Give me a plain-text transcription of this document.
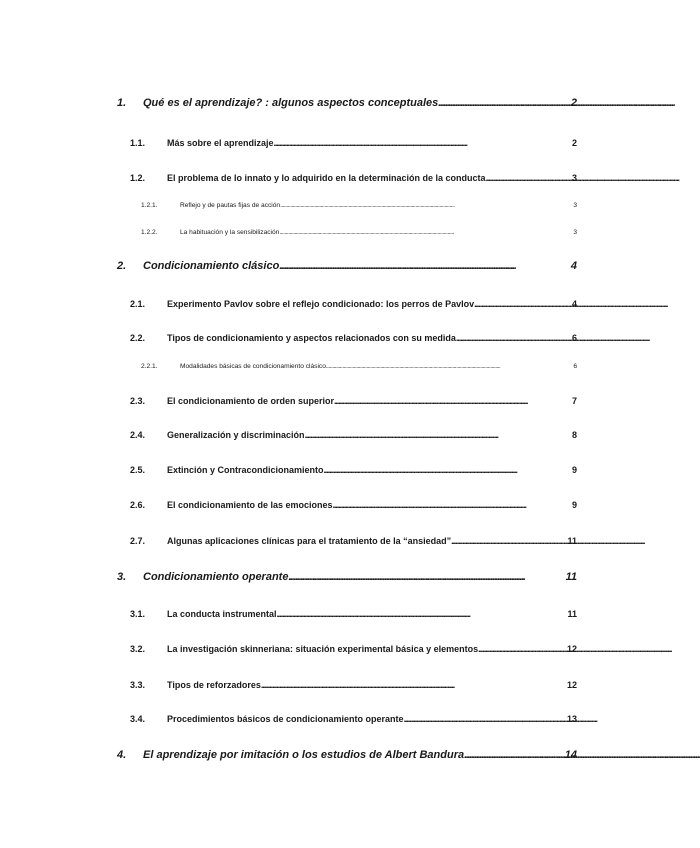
1.	Qué es el aprendizaje? : algunos aspectos conceptuales . . .	2
1.1.	Más sobre el aprendizaje . . .	2
1.2.	El problema de lo innato y lo adquirido en la determinación de la conducta . . .	3
1.2.1.	Reflejo y de pautas fijas de acción . . .	3
1.2.2.	La habituación y la sensibilización . . .	3
2.	Condicionamiento clásico . . .	4
2.1.	Experimento Pavlov sobre el reflejo condicionado: los perros de Pavlov . . .	4
2.2.	Tipos de condicionamiento y aspectos relacionados con su medida . . .	6
2.2.1.	Modalidades básicas de condicionamiento clásico . . .	6
2.3.	El condicionamiento de orden superior . . .	7
2.4.	Generalización y discriminación . . .	8
2.5.	Extinción y Contracondicionamiento . . .	9
2.6.	El condicionamiento de las emociones . . .	9
2.7.	Algunas aplicaciones clínicas para el tratamiento de la “ansiedad” . . .	11
3.	Condicionamiento operante . . .	11
3.1.	La conducta instrumental . . .	11
3.2.	La investigación skinneriana: situación experimental básica y elementos . . .	12
3.3.	Tipos de reforzadores . . .	12
3.4.	Procedimientos básicos de condicionamiento operante . . .	13
4.	El aprendizaje por imitación o los estudios de Albert Bandura . . .	14
